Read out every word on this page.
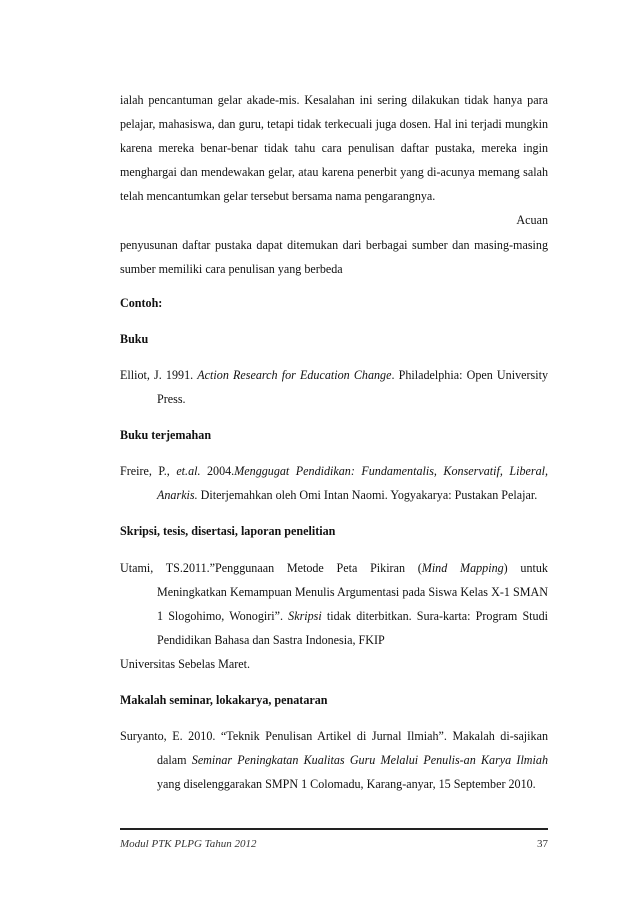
ialah pencantuman gelar akade-mis. Kesalahan ini sering dilakukan tidak hanya para pelajar, mahasiswa, dan guru, tetapi tidak terkecuali juga dosen. Hal ini terjadi mungkin karena mereka benar-benar tidak tahu cara penulisan daftar pustaka, mereka ingin menghargai dan mendewakan gelar, atau karena penerbit yang di-acunya memang salah telah mencantumkan gelar tersebut bersama nama pengarangnya.
Acuan
penyusunan daftar pustaka dapat ditemukan dari berbagai sumber dan masing-masing sumber memiliki cara penulisan yang berbeda

Contoh:

Buku

Elliot, J. 1991. Action Research for Education Change. Philadelphia: Open University Press.

Buku terjemahan

Freire, P., et.al. 2004.Menggugat Pendidikan: Fundamentalis, Konservatif, Liberal, Anarkis. Diterjemahkan oleh Omi Intan Naomi. Yogyakarya: Pustakan Pelajar.

Skripsi, tesis, disertasi, laporan penelitian

Utami, TS.2011.”Penggunaan Metode Peta Pikiran (Mind Mapping) untuk Meningkatkan Kemampuan Menulis Argumentasi pada Siswa Kelas X-1 SMAN 1 Slogohimo, Wonogiri”. Skripsi tidak diterbitkan. Sura-karta: Program Studi Pendidikan Bahasa dan Sastra Indonesia, FKIP

Universitas Sebelas Maret.

Makalah seminar, lokakarya, penataran

Suryanto, E. 2010. “Teknik Penulisan Artikel di Jurnal Ilmiah”. Makalah di-sajikan dalam Seminar Peningkatan Kualitas Guru Melalui Penulis-an Karya Ilmiah yang diselenggarakan SMPN 1 Colomadu, Karang-anyar, 15 September 2010.

Modul PTK PLPG Tahun 2012	37
